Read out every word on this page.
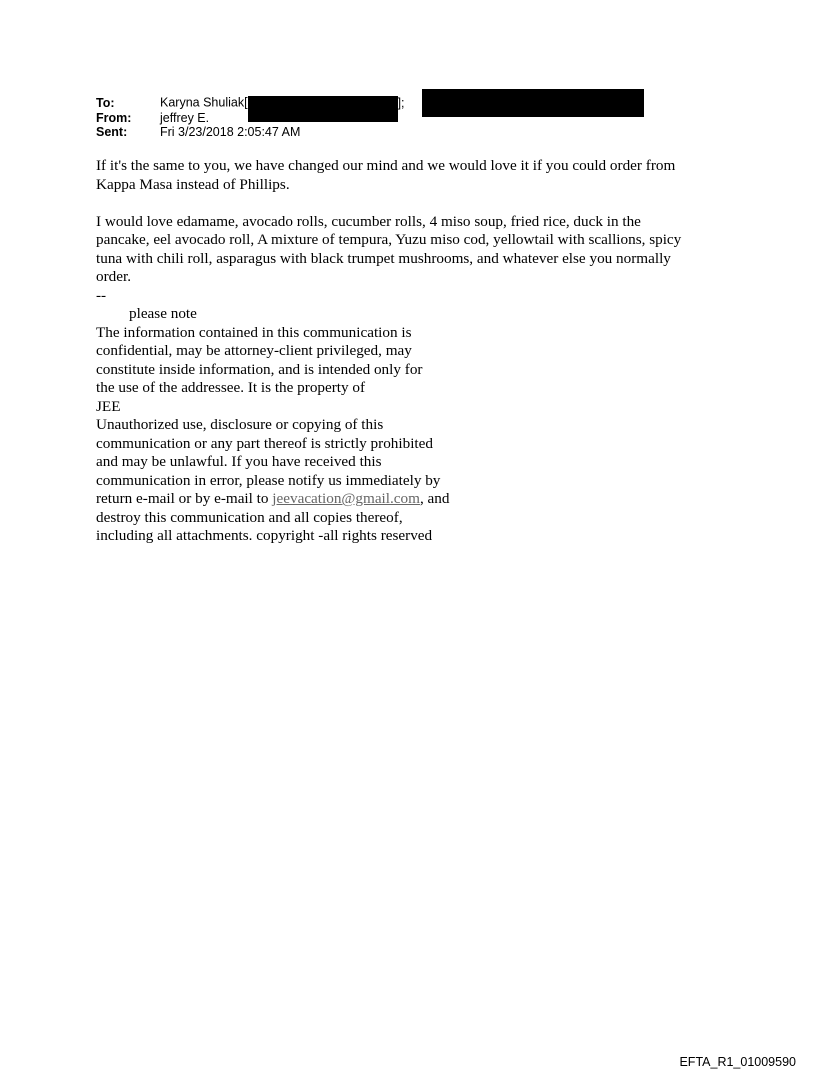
To:	Karyna Shuliak[	];
From:	jeffrey E.
Sent:	Fri 3/23/2018 2:05:47 AM
If it's the same to you, we have changed our mind and we would love it if you could order from
Kappa Masa instead of Phillips.
I would love edamame, avocado rolls, cucumber rolls, 4 miso soup, fried rice, duck in the
pancake, eel avocado roll, A mixture of tempura, Yuzu miso cod, yellowtail with scallions, spicy
tuna with chili roll, asparagus with black trumpet mushrooms, and whatever else you normally
order.
--
please note
The information contained in this communication is
confidential, may be attorney-client privileged, may
constitute inside information, and is intended only for
the use of the addressee. It is the property of
JEE
Unauthorized use, disclosure or copying of this
communication or any part thereof is strictly prohibited
and may be unlawful. If you have received this
communication in error, please notify us immediately by
return e-mail or by e-mail to jeevacation@gmail.com, and
destroy this communication and all copies thereof,
including all attachments. copyright -all rights reserved
EFTA_R1_01009590
